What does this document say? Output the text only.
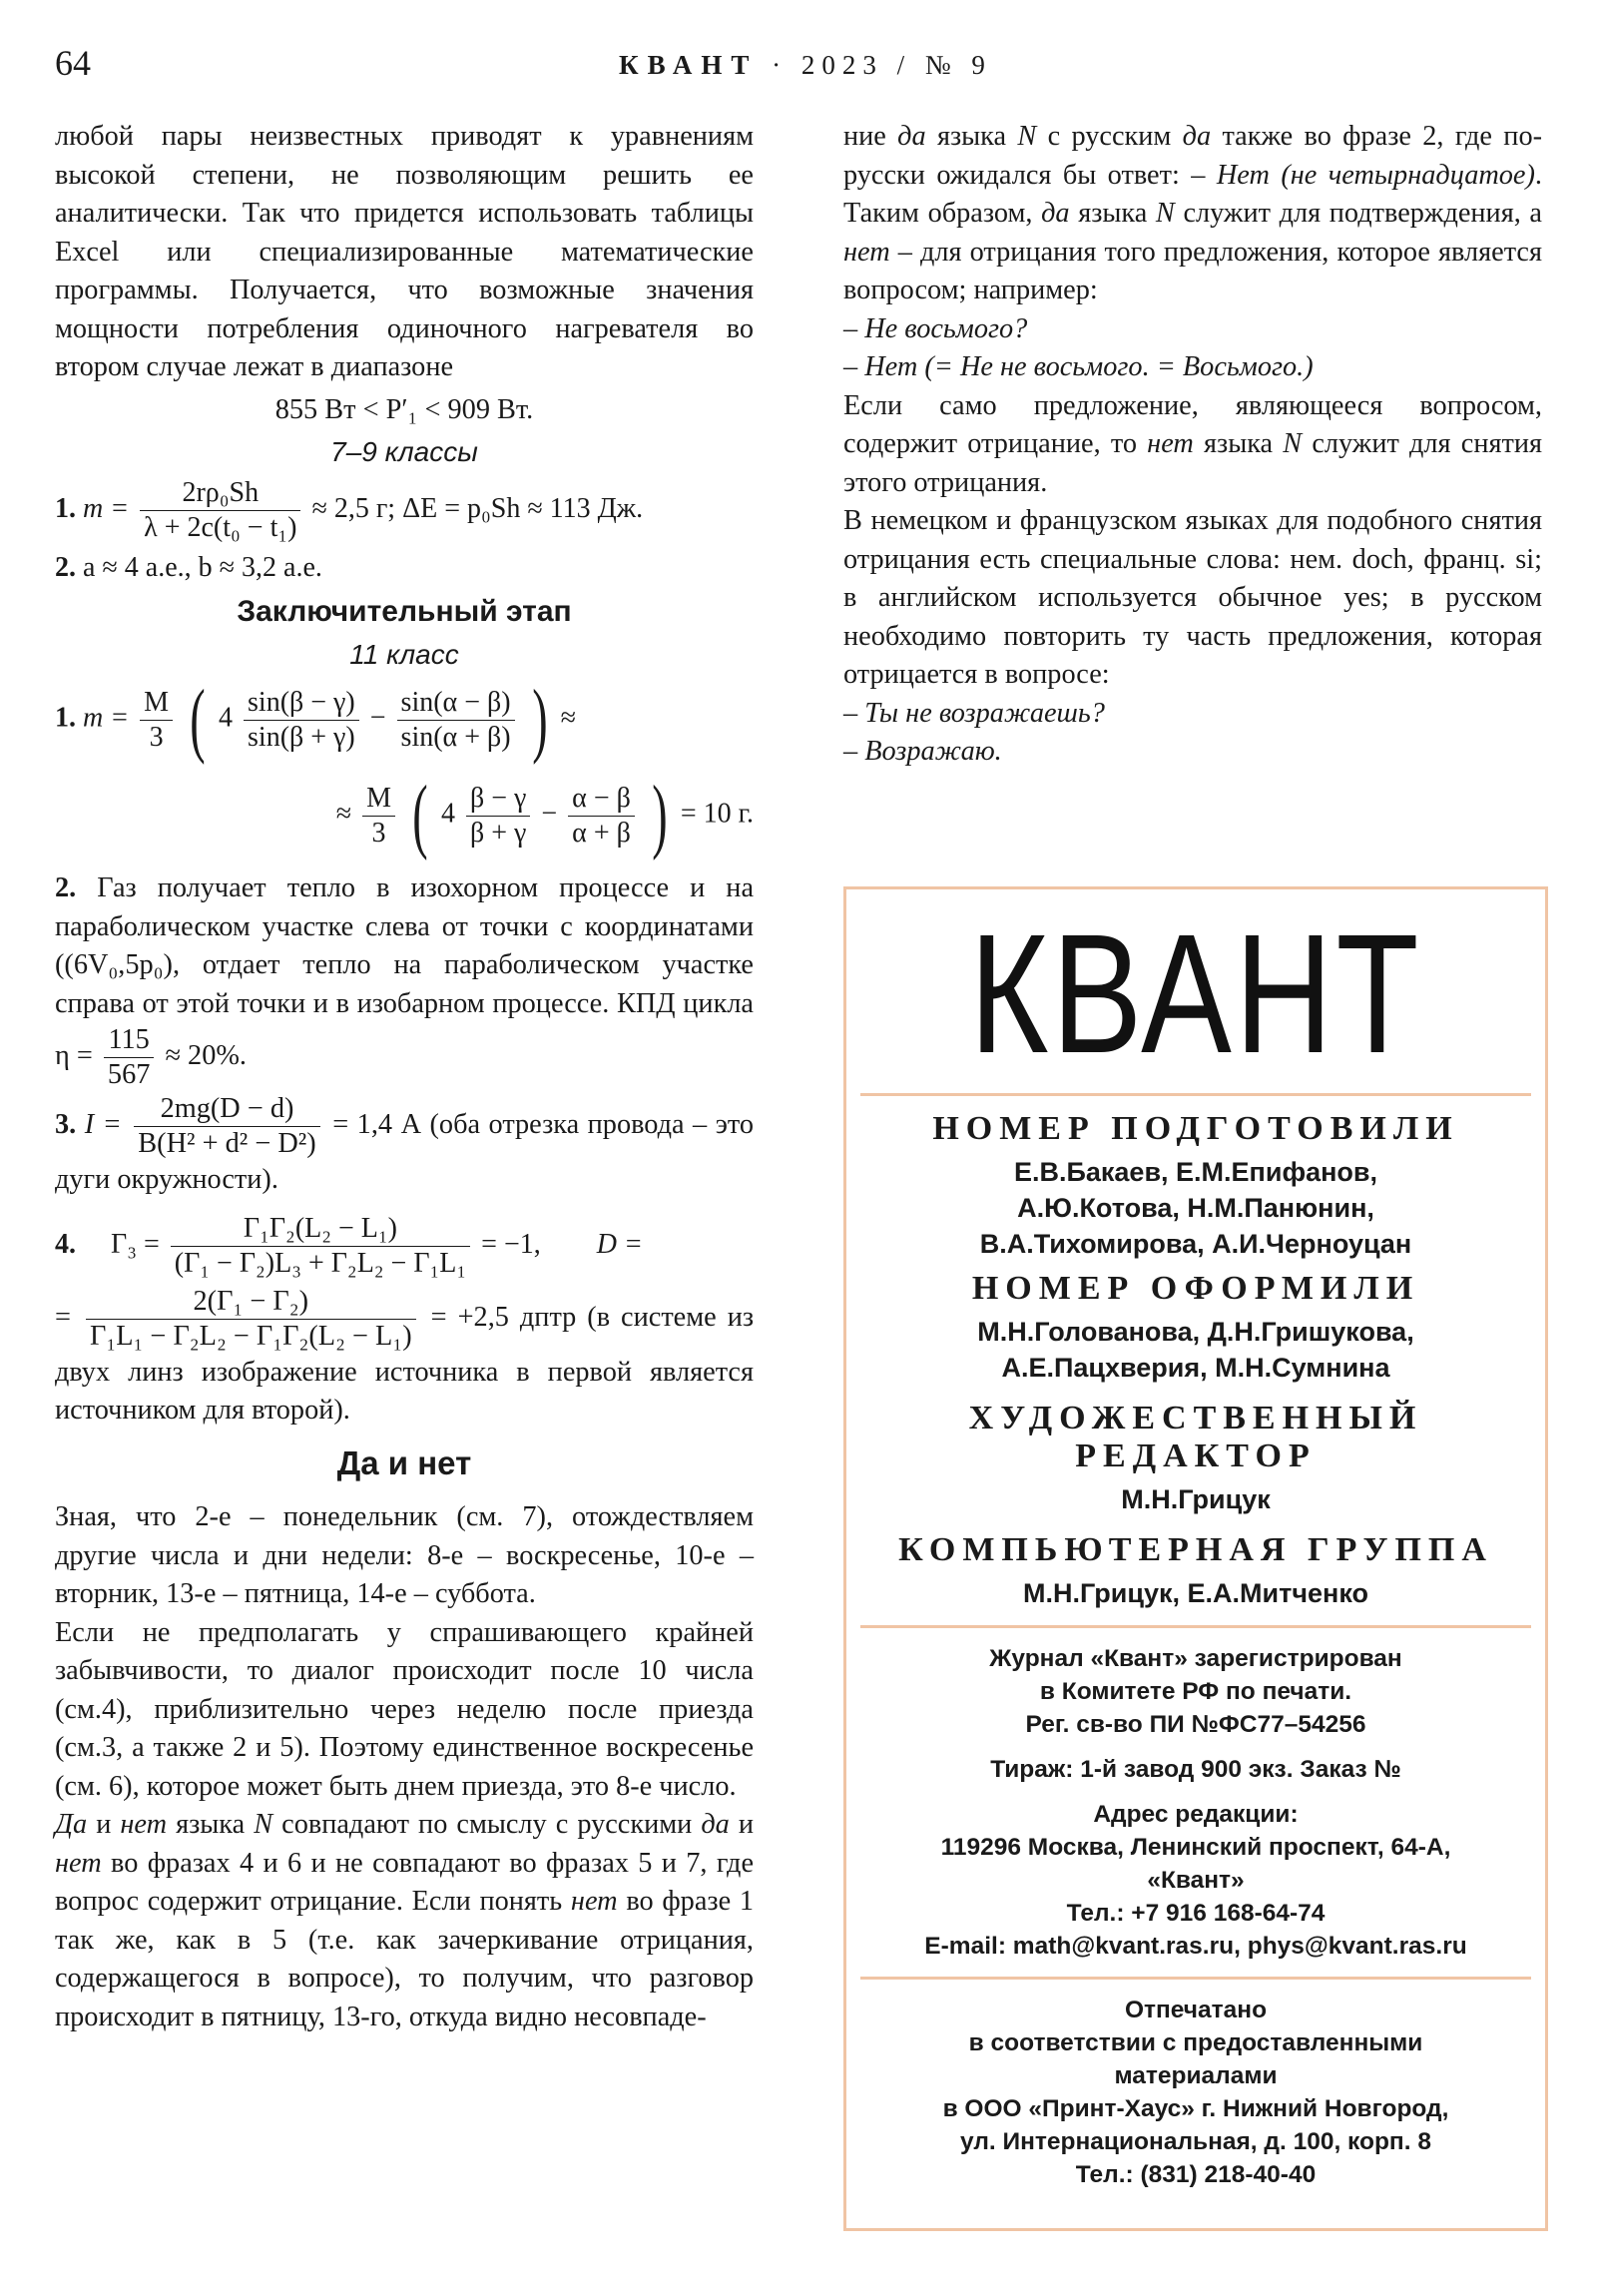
64	КВАНТ · 2023 / № 9

любой пары неизвестных приводят к уравнениям высокой степени, не позволяющим решить ее аналитически. Так что придется использовать таблицы Excel или специализированные математические программы. Получается, что возможные значения мощности потребления одиночного нагревателя во втором случае лежат в диапазоне

855 Вт < P′₁ < 909 Вт.

7–9 классы
1. $m = \frac{\text{2rρ₀Sh}}{\text{λ + 2c(t₀ − t₁)}} \approx 2,5$ г; ΔE = p₀Sh ≈ 113 Дж.
2. a ≈ 4 а.е., b ≈ 3,2 а.е.
Заключительный этап
11 класс
1. $m = \frac{M}{3}$ ( $4 \frac{\sin(\beta - \gamma)}{\sin(\beta + \gamma)} - \frac{\sin(\alpha - \beta)}{\sin(\alpha + \beta)}$ ) ≈
≈ $\frac{M}{3}$ ( $4 \frac{\beta - \gamma}{\beta + \gamma} - \frac{\alpha - \beta}{\alpha + \beta}$ ) = 10 г.

2. Газ получает тепло в изохорном процессе и на параболическом участке слева от точки с координатами ((6V₀,5p₀), отдает тепло на параболическом участке справа от этой точки и в изобарном процессе. КПД цикла $\eta = \frac{115}{567} \approx 20\%$.

3. $I = \frac{2mg(D - d)}{\text{B(H² + d² − D²)}} = 1,4$ А (оба отрезка провода – это дуги окружности).

4. $\Gamma_3 = \frac{\text{Γ₁Γ₂(L₂ − L₁)}}{\text{(Γ₁ − Γ₂)L₃ + Γ₂L₂ − Γ₁L₁}} = -1$, D =

= $\frac{\text{2(Γ₁ − Γ₂)}}{\text{Γ₁L₁ − Γ₂L₂ − Γ₁Γ₂(L₂ − L₁)}} = +2,5$ дптр (в системе из двух линз изображение источника в первой является источником для второй).

Да и нет

Зная, что 2-е – понедельник (см. 7), отождествляем другие числа и дни недели: 8-е – воскресенье, 10-е – вторник, 13-е – пятница, 14-е – суббота.

Если не предполагать у спрашивающего крайней забывчивости, то диалог происходит после 10 числа (см.4), приблизительно через неделю после приезда (см.3, а также 2 и 5). Поэтому единственное воскресенье (см. 6), которое может быть днем приезда, это 8-е число.

Да и нет языка N совпадают по смыслу с русскими да и нет во фразах 4 и 6 и не совпадают во фразах 5 и 7, где вопрос содержит отрицание. Если понять нет во фразе 1 так же, как в 5 (т.е. как зачеркивание отрицания, содержащегося в вопросе), то получим, что разговор происходит в пятницу, 13-го, откуда видно несовпаде-

ние да языка N с русским да также во фразе 2, где по-русски ожидался бы ответ: – Нет (не четырнадцатое). Таким образом, да языка N служит для подтверждения, а нет – для отрицания того предложения, которое является вопросом; например:

– Не восьмого?

– Нет (= Не не восьмого. = Восьмого.)

Если само предложение, являющееся вопросом, содержит отрицание, то нет языка N служит для снятия этого отрицания.

В немецком и французском языках для подобного снятия отрицания есть специальные слова: нем. doch, франц. si; в английском используется обычное yes; в русском необходимо повторить ту часть предложения, которая отрицается в вопросе:

– Ты не возражаешь?

– Возражаю.

КВАНТ
НОМЕР ПОДГОТОВИЛИ
Е.В.Бакаев, Е.М.Епифанов,
А.Ю.Котова, Н.М.Панюнин,
В.А.Тихомирова, А.И.Черноуцан
НОМЕР ОФОРМИЛИ
М.Н.Голованова, Д.Н.Гришукова,
А.Е.Пацхверия, М.Н.Сумнина
ХУДОЖЕСТВЕННЫЙ
РЕДАКТОР
М.Н.Грицук
КОМПЬЮТЕРНАЯ ГРУППА
М.Н.Грицук, Е.А.Митченко
Журнал «Квант» зарегистрирован
в Комитете РФ по печати.
Рег. св-во ПИ №ФС77–54256
Тираж: 1-й завод 900 экз. Заказ №
Адрес редакции:
119296 Москва, Ленинский проспект, 64-А,
«Квант»
Тел.: +7 916 168-64-74
E-mail: math@kvant.ras.ru, phys@kvant.ras.ru
Отпечатано
в соответствии с предоставленными
материалами
в ООО «Принт-Хаус» г. Нижний Новгород,
ул. Интернациональная, д. 100, корп. 8
Тел.: (831) 218-40-40
